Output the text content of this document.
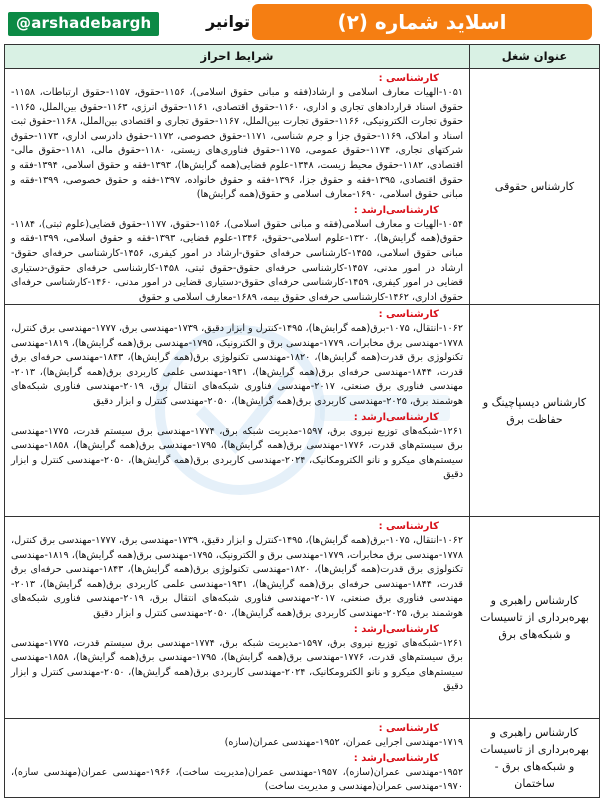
@arshadebargh	توانیر	اسلاید شماره (۲)
عنوان شغل
شرایط احراز
کارشناس حقوقی
کارشناسی :
۱۰۵۱-الهیات معارف اسلامی و ارشاد(فقه و مبانی حقوق اسلامی)، ۱۱۵۶-حقوق، ۱۱۵۷-حقوق ارتباطات، ۱۱۵۸-حقوق اسناد قراردادهای تجاری و اداری، ۱۱۶۰-حقوق اقتصادی، ۱۱۶۱-حقوق انرژی، ۱۱۶۳-حقوق بین‌الملل، ۱۱۶۵-حقوق تجارت الکترونیکی، ۱۱۶۶-حقوق تجارت بین‌الملل، ۱۱۶۷-حقوق تجاری و اقتصادی بین‌الملل، ۱۱۶۸-حقوق ثبت اسناد و املاک، ۱۱۶۹-حقوق جزا و جرم شناسی، ۱۱۷۱-حقوق خصوصی، ۱۱۷۲-حقوق دادرسی اداری، ۱۱۷۳-حقوق شرکتهای تجاری، ۱۱۷۴-حقوق عمومی، ۱۱۷۵-حقوق فناوری‌های زیستی، ۱۱۸۰-حقوق مالی، ۱۱۸۱-حقوق مالی-اقتصادی، ۱۱۸۲-حقوق محیط زیست، ۱۳۴۸-علوم قضایی(همه گرایش‌ها)، ۱۳۹۳-فقه و حقوق اسلامی، ۱۳۹۴-فقه و حقوق اقتصادی، ۱۳۹۵-فقه و حقوق جزا، ۱۳۹۶-فقه و حقوق خانواده، ۱۳۹۷-فقه و حقوق خصوصی، ۱۳۹۹-فقه و مبانی حقوق اسلامی، ۱۶۹۰-معارف اسلامی و حقوق(همه گرایش‌ها)
کارشناسی‌ارشد :
۱۰۵۴-الهیات و معارف اسلامی(فقه و مبانی حقوق اسلامی)، ۱۱۵۶-حقوق، ۱۱۷۷-حقوق قضایی(علوم ثبتی)، ۱۱۸۴-حقوق(همه گرایش‌ها)، ۱۳۲۰-علوم اسلامی-حقوق، ۱۳۴۶-علوم قضایی، ۱۳۹۳-فقه و حقوق اسلامی، ۱۳۹۹-فقه و مبانی حقوق اسلامی، ۱۴۵۵-کارشناسی حرفه‌ای حقوق-ارشاد در امور کیفری، ۱۴۵۶-کارشناسی حرفه‌ای حقوق-ارشاد در امور مدنی، ۱۴۵۷-کارشناسی حرفه‌ای حقوق-حقوق ثبتی، ۱۴۵۸-کارشناسی حرفه‌ای حقوق-دستیاری قضایی در امور کیفری، ۱۴۵۹-کارشناسی حرفه‌ای حقوق-دستیاری قضایی در امور مدنی، ۱۴۶۰-کارشناسی حرفه‌ای حقوق اداری، ۱۴۶۲-کارشناسی حرفه‌ای حقوق بیمه، ۱۶۸۹-معارف اسلامی و حقوق
کارشناس دیسپاچینگ و حفاظت برق
کارشناسی :
۱۰۶۲-انتقال، ۱۰۷۵-برق(همه گرایش‌ها)، ۱۴۹۵-کنترل و ابزار دقیق، ۱۷۳۹-مهندسی برق، ۱۷۷۷-مهندسی برق کنترل، ۱۷۷۸-مهندسی برق مخابرات، ۱۷۷۹-مهندسی برق و الکترونیک، ۱۷۹۵-مهندسی برق(همه گرایش‌ها)، ۱۸۱۹-مهندسی تکنولوژی برق قدرت(همه گرایش‌ها)، ۱۸۲۰-مهندسی تکنولوژی برق(همه گرایش‌ها)، ۱۸۴۳-مهندسی حرفه‌ای برق قدرت، ۱۸۴۴-مهندسی حرفه‌ای برق(همه گرایش‌ها)، ۱۹۳۱-مهندسی علمی کاربردی برق(همه گرایش‌ها)، ۲۰۱۳-مهندسی فناوری برق صنعتی، ۲۰۱۷-مهندسی فناوری شبکه‌های انتقال برق، ۲۰۱۹-مهندسی فناوری شبکه‌های هوشمند برق، ۲۰۲۵-مهندسی کاربردی برق(همه گرایش‌ها)، ۲۰۵۰-مهندسی کنترل و ابزار دقیق
کارشناسی‌ارشد :
۱۲۶۱-شبکه‌های توزیع نیروی برق، ۱۵۹۷-مدیریت شبکه برق، ۱۷۷۴-مهندسی برق سیستم قدرت، ۱۷۷۵-مهندسی برق سیستم‌های قدرت، ۱۷۷۶-مهندسی برق(همه گرایش‌ها)، ۱۷۹۵-مهندسی برق(همه گرایش‌ها)، ۱۸۵۸-مهندسی سیستم‌های میکرو و نانو الکترومکانیک، ۲۰۲۴-مهندسی کاربردی برق(همه گرایش‌ها)، ۲۰۵۰-مهندسی کنترل و ابزار دقیق
کارشناس راهبری و بهره‌برداری از تاسیسات و شبکه‌های برق
کارشناسی :
۱۰۶۲-انتقال، ۱۰۷۵-برق(همه گرایش‌ها)، ۱۴۹۵-کنترل و ابزار دقیق، ۱۷۳۹-مهندسی برق، ۱۷۷۷-مهندسی برق کنترل، ۱۷۷۸-مهندسی برق مخابرات، ۱۷۷۹-مهندسی برق و الکترونیک، ۱۷۹۵-مهندسی برق(همه گرایش‌ها)، ۱۸۱۹-مهندسی تکنولوژی برق قدرت(همه گرایش‌ها)، ۱۸۲۰-مهندسی تکنولوژی برق(همه گرایش‌ها)، ۱۸۴۳-مهندسی حرفه‌ای برق قدرت، ۱۸۴۴-مهندسی حرفه‌ای برق(همه گرایش‌ها)، ۱۹۳۱-مهندسی علمی کاربردی برق(همه گرایش‌ها)، ۲۰۱۳-مهندسی فناوری برق صنعتی، ۲۰۱۷-مهندسی فناوری شبکه‌های انتقال برق، ۲۰۱۹-مهندسی فناوری شبکه‌های هوشمند برق، ۲۰۲۵-مهندسی کاربردی برق(همه گرایش‌ها)، ۲۰۵۰-مهندسی کنترل و ابزار دقیق
کارشناسی‌ارشد :
۱۲۶۱-شبکه‌های توزیع نیروی برق، ۱۵۹۷-مدیریت شبکه برق، ۱۷۷۴-مهندسی برق سیستم قدرت، ۱۷۷۵-مهندسی برق سیستم‌های قدرت، ۱۷۷۶-مهندسی برق(همه گرایش‌ها)، ۱۷۹۵-مهندسی برق(همه گرایش‌ها)، ۱۸۵۸-مهندسی سیستم‌های میکرو و نانو الکترومکانیک، ۲۰۲۴-مهندسی کاربردی برق(همه گرایش‌ها)، ۲۰۵۰-مهندسی کنترل و ابزار دقیق
کارشناس راهبری و بهره‌برداری از تاسیسات و شبکه‌های برق - ساختمان
کارشناسی :
۱۷۱۹-مهندسی اجرایی عمران، ۱۹۵۲-مهندسی عمران(سازه)
کارشناسی‌ارشد :
۱۹۵۲-مهندسی عمران(سازه)، ۱۹۵۷-مهندسی عمران(مدیریت ساخت)، ۱۹۶۶-مهندسی عمران(مهندسی سازه)، ۱۹۷۰-مهندسی عمران(مهندسی و مدیریت ساخت)
